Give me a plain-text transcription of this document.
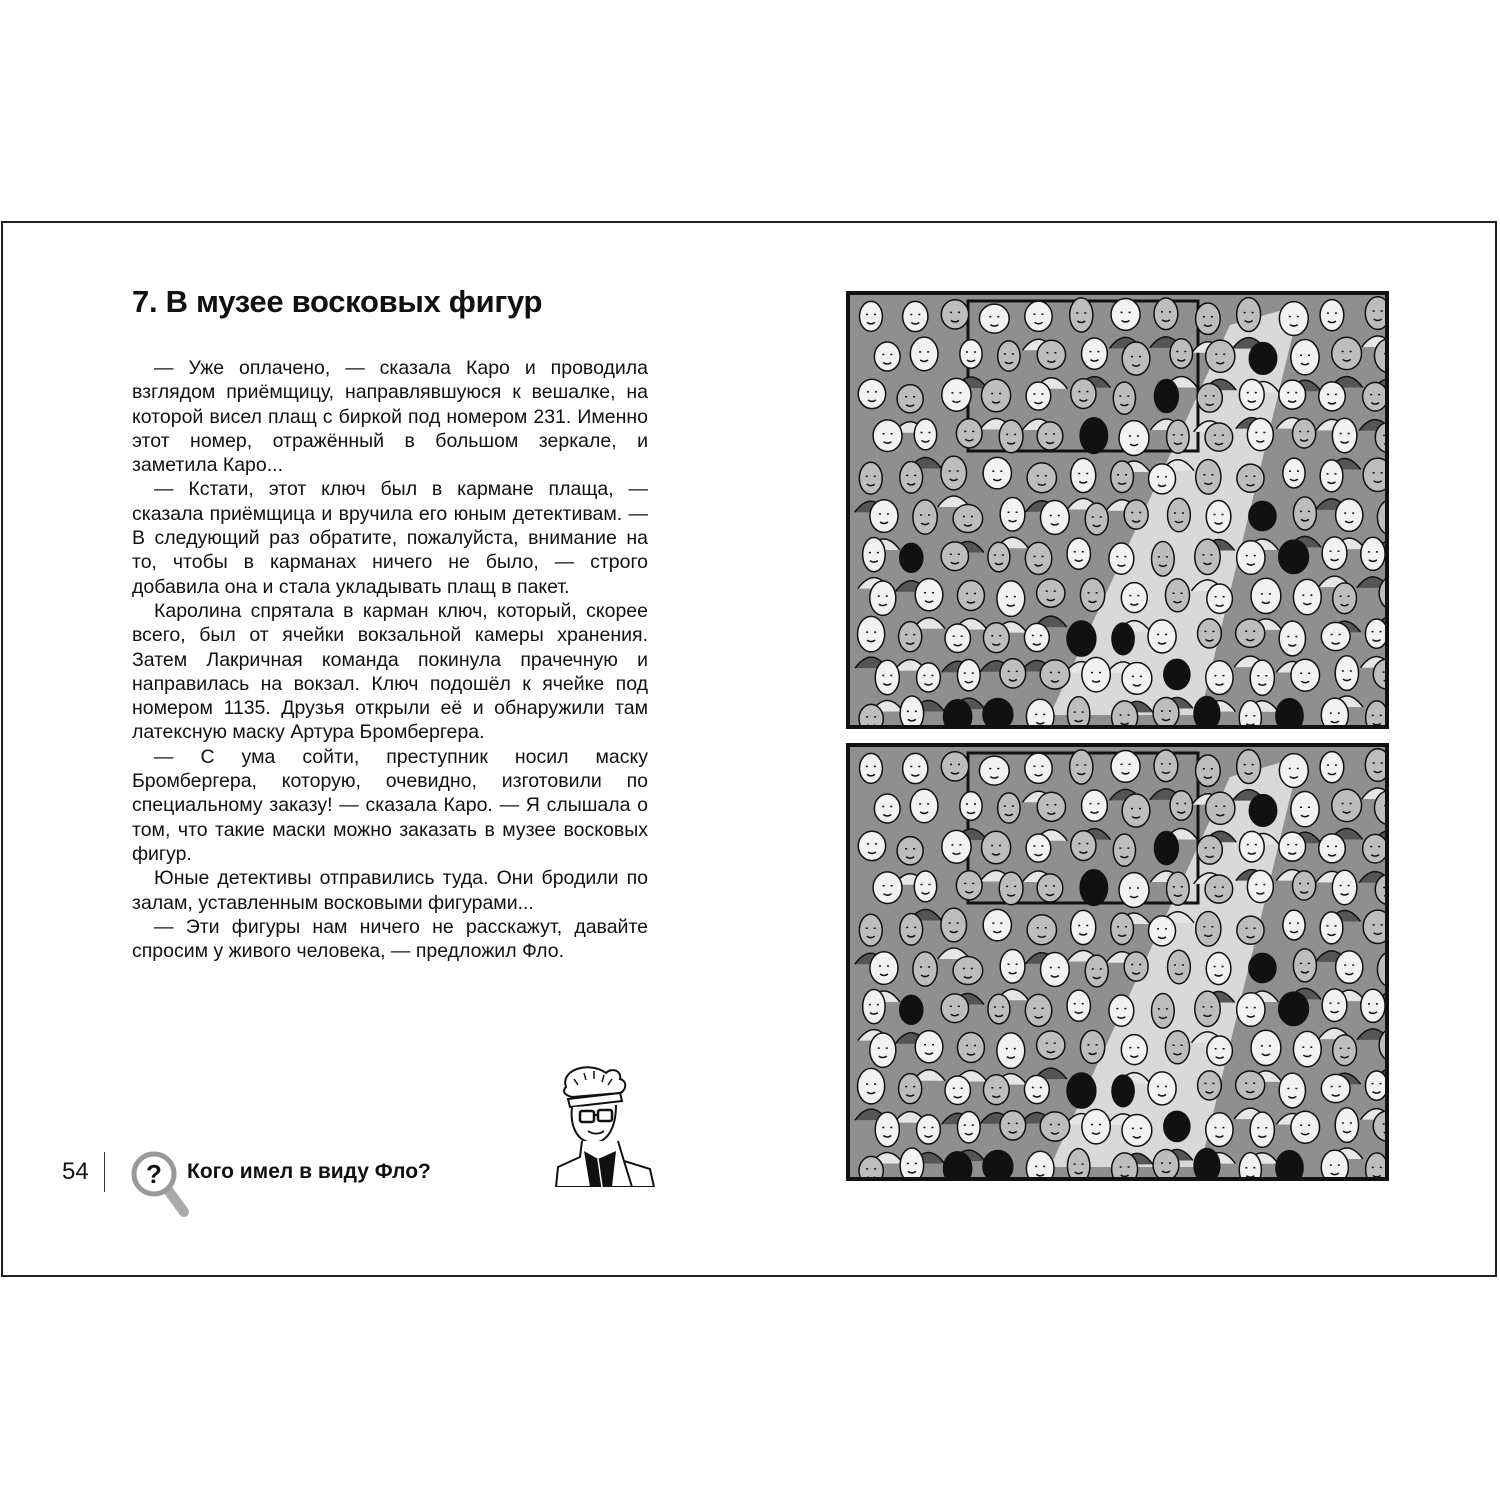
7. В музее восковых фигур

— Уже оплачено, — сказала Каро и проводила взглядом приёмщицу, направлявшуюся к вешалке, на которой висел плащ с биркой под номером 231. Именно этот номер, отражённый в большом зеркале, и заметила Каро...

— Кстати, этот ключ был в кармане плаща, — сказала приёмщица и вручила его юным детективам. — В следующий раз обратите, пожалуйста, внимание на то, чтобы в карманах ничего не было, — строго добавила она и стала укладывать плащ в пакет.

Каролина спрятала в карман ключ, который, скорее всего, был от ячейки вокзальной камеры хранения. Затем Лакричная команда покинула прачечную и направилась на вокзал. Ключ подошёл к ячейке под номером 1135. Друзья открыли её и обнаружили там латексную маску Артура Бромбергера.

— С ума сойти, преступник носил маску Бромбергера, которую, очевидно, изготовили по специальному заказу! — сказала Каро. — Я слышала о том, что такие маски можно заказать в музее восковых фигур.

Юные детективы отправились туда. Они бродили по залам, уставленным восковыми фигурами...

— Эти фигуры нам ничего не расскажут, давайте спросим у живого человека, — предложил Фло.

54 ? Кого имел в виду Фло?
